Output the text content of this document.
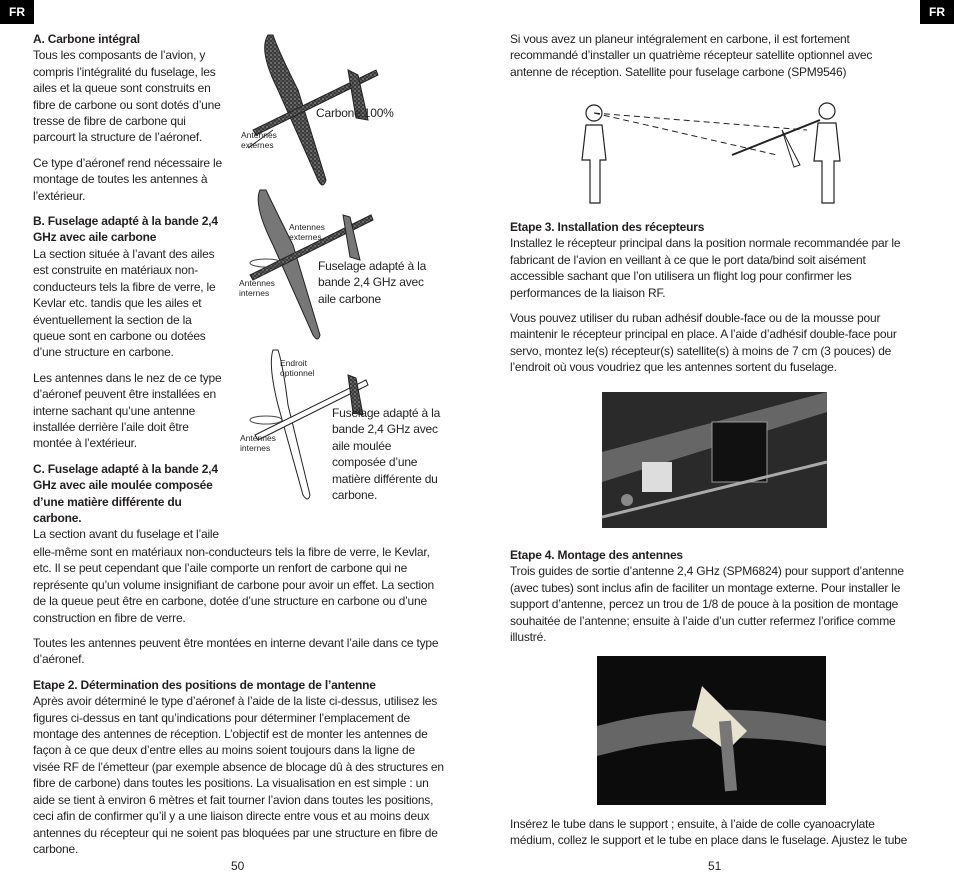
FR	FR
A. Carbone intégral

Tous les composants de l’avion, y compris l’intégralité du fuselage, les ailes et la queue sont construits en fibre de carbone ou sont dotés d’une tresse de fibre de carbone qui parcourt la structure de l’aéronef.

Ce type d’aéronef rend nécessaire le montage de toutes les antennes à l’extérieur.

B. Fuselage adapté à la bande 2,4 GHz avec aile carbone

La section située à l’avant des ailes est construite en matériaux non-conducteurs tels la fibre de verre, le Kevlar etc. tandis que les ailes et éventuellement la section de la queue sont en carbone ou dotées d’une structure en carbone.

Les antennes dans le nez de ce type d’aéronef peuvent être installées en interne sachant qu’une antenne installée derrière l’aile doit être montée à l’extérieur.

C. Fuselage adapté à la bande 2,4 GHz avec aile moulée composée d’une matière différente du carbone.

La section avant du fuselage et l’aile

elle-même sont en matériaux non-conducteurs tels la fibre de verre, le Kevlar, etc. Il se peut cependant que l’aile comporte un renfort de carbone qui ne représente qu’un volume insignifiant de carbone pour avoir un effet. La section de la queue peut être en carbone, dotée d’une structure en carbone ou d’une construction en fibre de verre.

Toutes les antennes peuvent être montées en interne devant l’aile dans ce type d’aéronef.

Etape 2. Détermination des positions de montage de l’antenne

Après avoir déterminé le type d’aéronef à l’aide de la liste ci-dessus, utilisez les figures ci-dessus en tant qu’indications pour déterminer l’emplacement de montage des antennes de réception. L’objectif est de monter les antennes de façon à ce que deux d’entre elles au moins soient toujours dans la ligne de visée RF de l’émetteur (par exemple absence de blocage dû à des structures en fibre de carbone) dans toutes les positions. La visualisation en est simple : un aide se tient à environ 6 mètres et fait tourner l’avion dans toutes les positions, ceci afin de confirmer qu’il y a une liaison directe entre vous et au moins deux antennes du récepteur qui ne soient pas bloquées par une structure en fibre de carbone.

Antennes externes
Carbone 100%
Antennes externes
Antennes internes
Fuselage adapté à la bande 2,4 GHz avec aile carbone
Endroit optionnel
Antennes internes
Fuselage adapté à la bande 2,4 GHz avec aile moulée composée d’une matière différente du carbone.
50

Si vous avez un planeur intégralement en carbone, il est fortement recommandé d’installer un quatrième récepteur satellite optionnel avec antenne de réception. Satellite pour fuselage carbone (SPM9546)

Etape 3. Installation des récepteurs

Installez le récepteur principal dans la position normale recommandée par le fabricant de l’avion en veillant à ce que le port data/bind soit aisément accessible sachant que l’on utilisera un flight log pour confirmer les performances de la liaison RF.

Vous pouvez utiliser du ruban adhésif double-face ou de la mousse pour maintenir le récepteur principal en place. A l’aide d’adhésif double-face pour servo, montez le(s) récepteur(s) satellite(s) à moins de 7 cm (3 pouces) de l’endroit où vous voudriez que les antennes sortent du fuselage.

Etape 4. Montage des antennes

Trois guides de sortie d’antenne 2,4 GHz (SPM6824) pour support d’antenne (avec tubes) sont inclus afin de faciliter un montage externe. Pour installer le support d’antenne, percez un trou de 1/8 de pouce à la position de montage souhaitée de l’antenne; ensuite à l’aide d’un cutter refermez l’orifice comme illustré.

Insérez le tube dans le support ; ensuite, à l’aide de colle cyanoacrylate médium, collez le support et le tube en place dans le fuselage. Ajustez le tube

51
